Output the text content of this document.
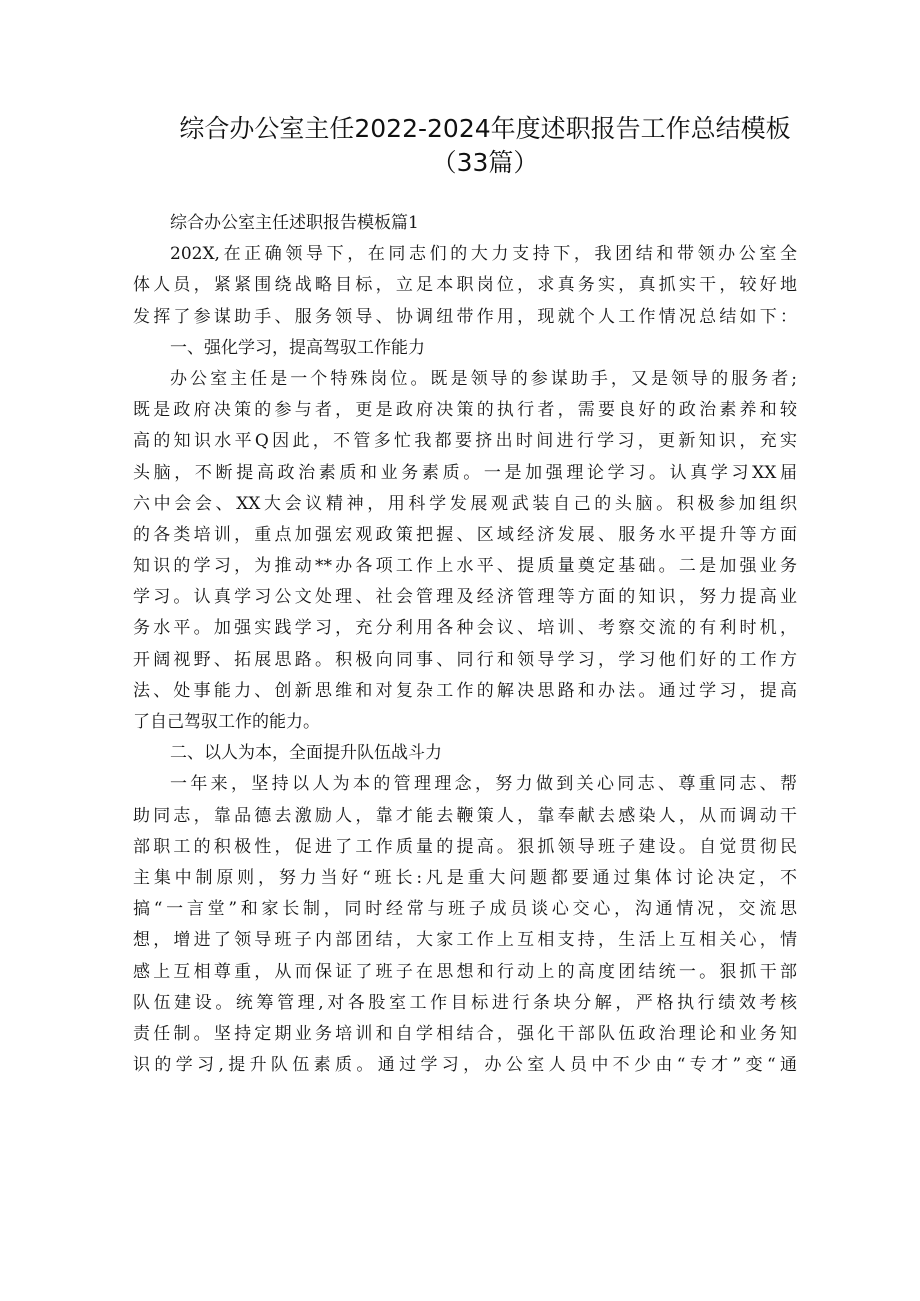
综合办公室主任2022-2024年度述职报告工作总结模板
（33篇）
综合办公室主任述职报告模板篇1
202X,在正确领导下，在同志们的大力支持下，我团结和带领办公室全
体人员，紧紧围绕战略目标，立足本职岗位，求真务实，真抓实干，较好地
发挥了参谋助手、服务领导、协调纽带作用，现就个人工作情况总结如下：
一、强化学习，提高驾驭工作能力
办公室主任是一个特殊岗位。既是领导的参谋助手，又是领导的服务者;
既是政府决策的参与者，更是政府决策的执行者，需要良好的政治素养和较
高的知识水平Q因此，不管多忙我都要挤出时间进行学习，更新知识，充实
头脑，不断提高政治素质和业务素质。一是加强理论学习。认真学习XX届
六中会会、XX大会议精神，用科学发展观武装自己的头脑。积极参加组织
的各类培训，重点加强宏观政策把握、区域经济发展、服务水平提升等方面
知识的学习，为推动**办各项工作上水平、提质量奠定基础。二是加强业务
学习。认真学习公文处理、社会管理及经济管理等方面的知识，努力提高业
务水平。加强实践学习，充分利用各种会议、培训、考察交流的有利时机，
开阔视野、拓展思路。积极向同事、同行和领导学习，学习他们好的工作方
法、处事能力、创新思维和对复杂工作的解决思路和办法。通过学习，提高
了自己驾驭工作的能力。
二、以人为本，全面提升队伍战斗力
一年来，坚持以人为本的管理理念，努力做到关心同志、尊重同志、帮
助同志，靠品德去激励人，靠才能去鞭策人，靠奉献去感染人，从而调动干
部职工的积极性，促进了工作质量的提高。狠抓领导班子建设。自觉贯彻民
主集中制原则，努力当好“班长:凡是重大问题都要通过集体讨论决定，不
搞“一言堂”和家长制，同时经常与班子成员谈心交心，沟通情况，交流思
想，增进了领导班子内部团结，大家工作上互相支持，生活上互相关心，情
感上互相尊重，从而保证了班子在思想和行动上的高度团结统一。狠抓干部
队伍建设。统筹管理,对各股室工作目标进行条块分解，严格执行绩效考核
责任制。坚持定期业务培训和自学相结合，强化干部队伍政治理论和业务知
识的学习,提升队伍素质。通过学习，办公室人员中不少由“专才”变“通
